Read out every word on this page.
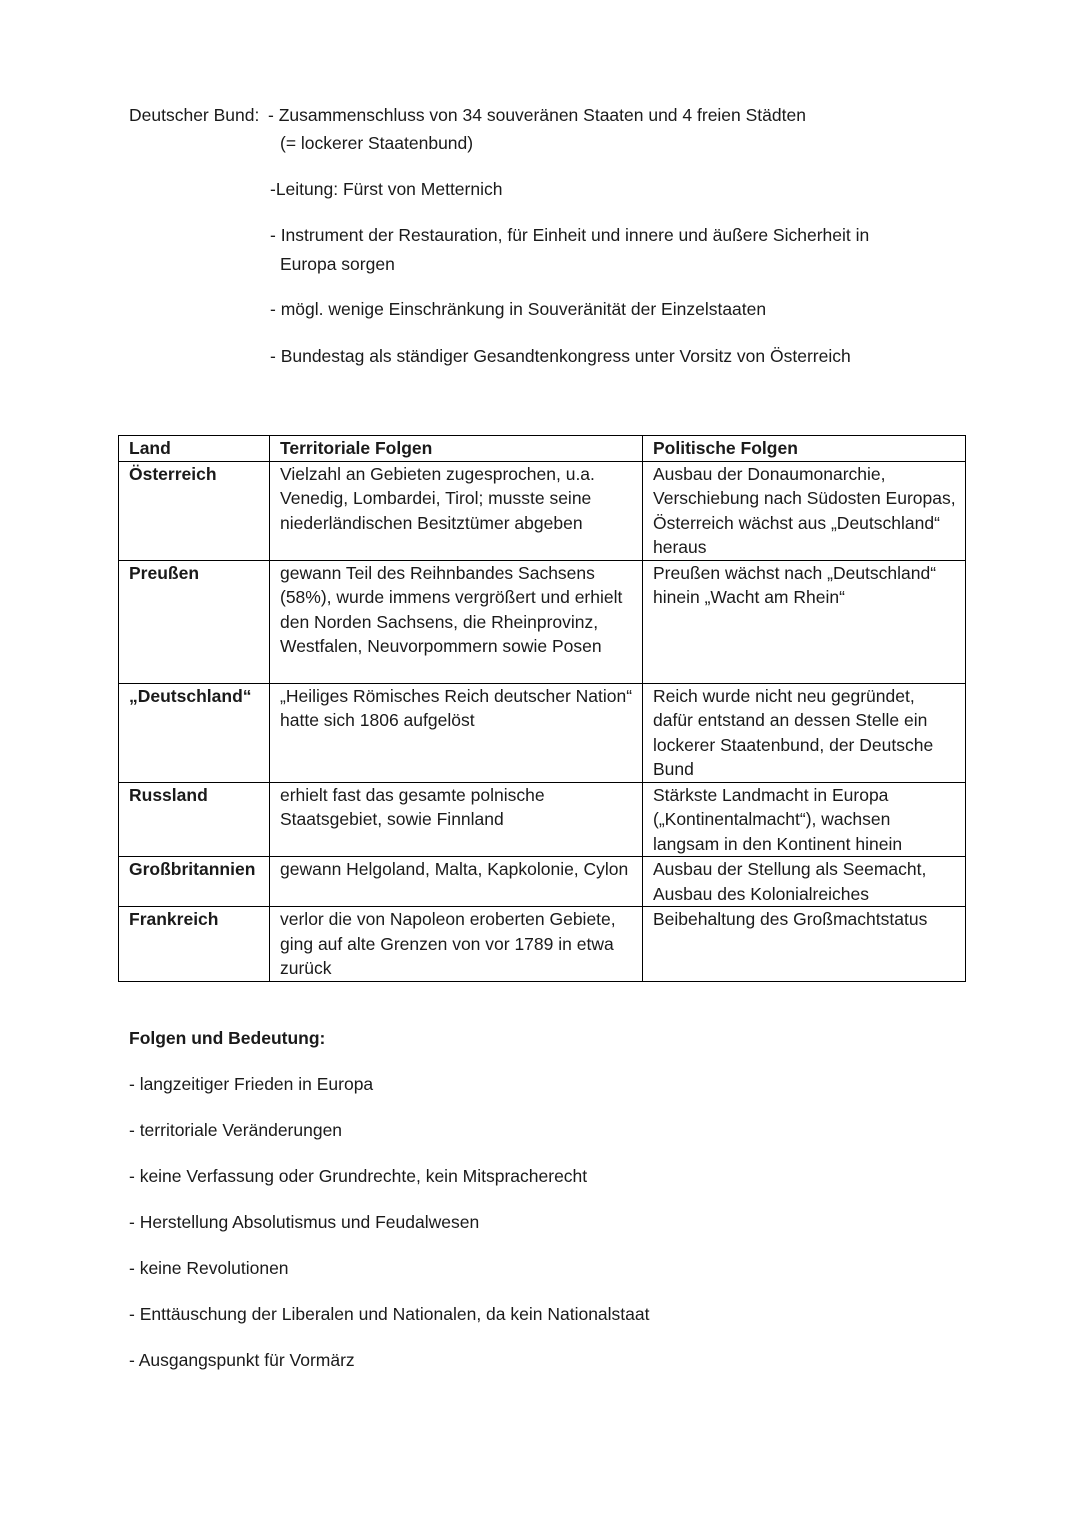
Deutscher Bund: - Zusammenschluss von 34 souveränen Staaten und 4 freien Städten
(= lockerer Staatenbund)
-Leitung: Fürst von Metternich
- Instrument der Restauration, für Einheit und innere und äußere Sicherheit in
Europa sorgen
- mögl. wenige Einschränkung in Souveränität der Einzelstaaten
- Bundestag als ständiger Gesandtenkongress unter Vorsitz von Österreich
Land	Territoriale Folgen	Politische Folgen
Österreich	Vielzahl an Gebieten zugesprochen, u.a. Venedig, Lombardei, Tirol; musste seine niederländischen Besitztümer abgeben	Ausbau der Donaumonarchie, Verschiebung nach Südosten Europas, Österreich wächst aus „Deutschland“ heraus
Preußen	gewann Teil des Reihnbandes Sachsens (58%), wurde immens vergrößert und erhielt den Norden Sachsens, die Rheinprovinz, Westfalen, Neuvorpommern sowie Posen	Preußen wächst nach „Deutschland“ hinein „Wacht am Rhein“
„Deutschland“	„Heiliges Römisches Reich deutscher Nation“ hatte sich 1806 aufgelöst	Reich wurde nicht neu gegründet, dafür entstand an dessen Stelle ein lockerer Staatenbund, der Deutsche Bund
Russland	erhielt fast das gesamte polnische Staatsgebiet, sowie Finnland	Stärkste Landmacht in Europa („Kontinentalmacht“), wachsen langsam in den Kontinent hinein
Großbritannien	gewann Helgoland, Malta, Kapkolonie, Cylon	Ausbau der Stellung als Seemacht, Ausbau des Kolonialreiches
Frankreich	verlor die von Napoleon eroberten Gebiete, ging auf alte Grenzen von vor 1789 in etwa zurück	Beibehaltung des Großmachtstatus
Folgen und Bedeutung:
- langzeitiger Frieden in Europa
- territoriale Veränderungen
- keine Verfassung oder Grundrechte, kein Mitspracherecht
- Herstellung Absolutismus und Feudalwesen
- keine Revolutionen
- Enttäuschung der Liberalen und Nationalen, da kein Nationalstaat
- Ausgangspunkt für Vormärz
